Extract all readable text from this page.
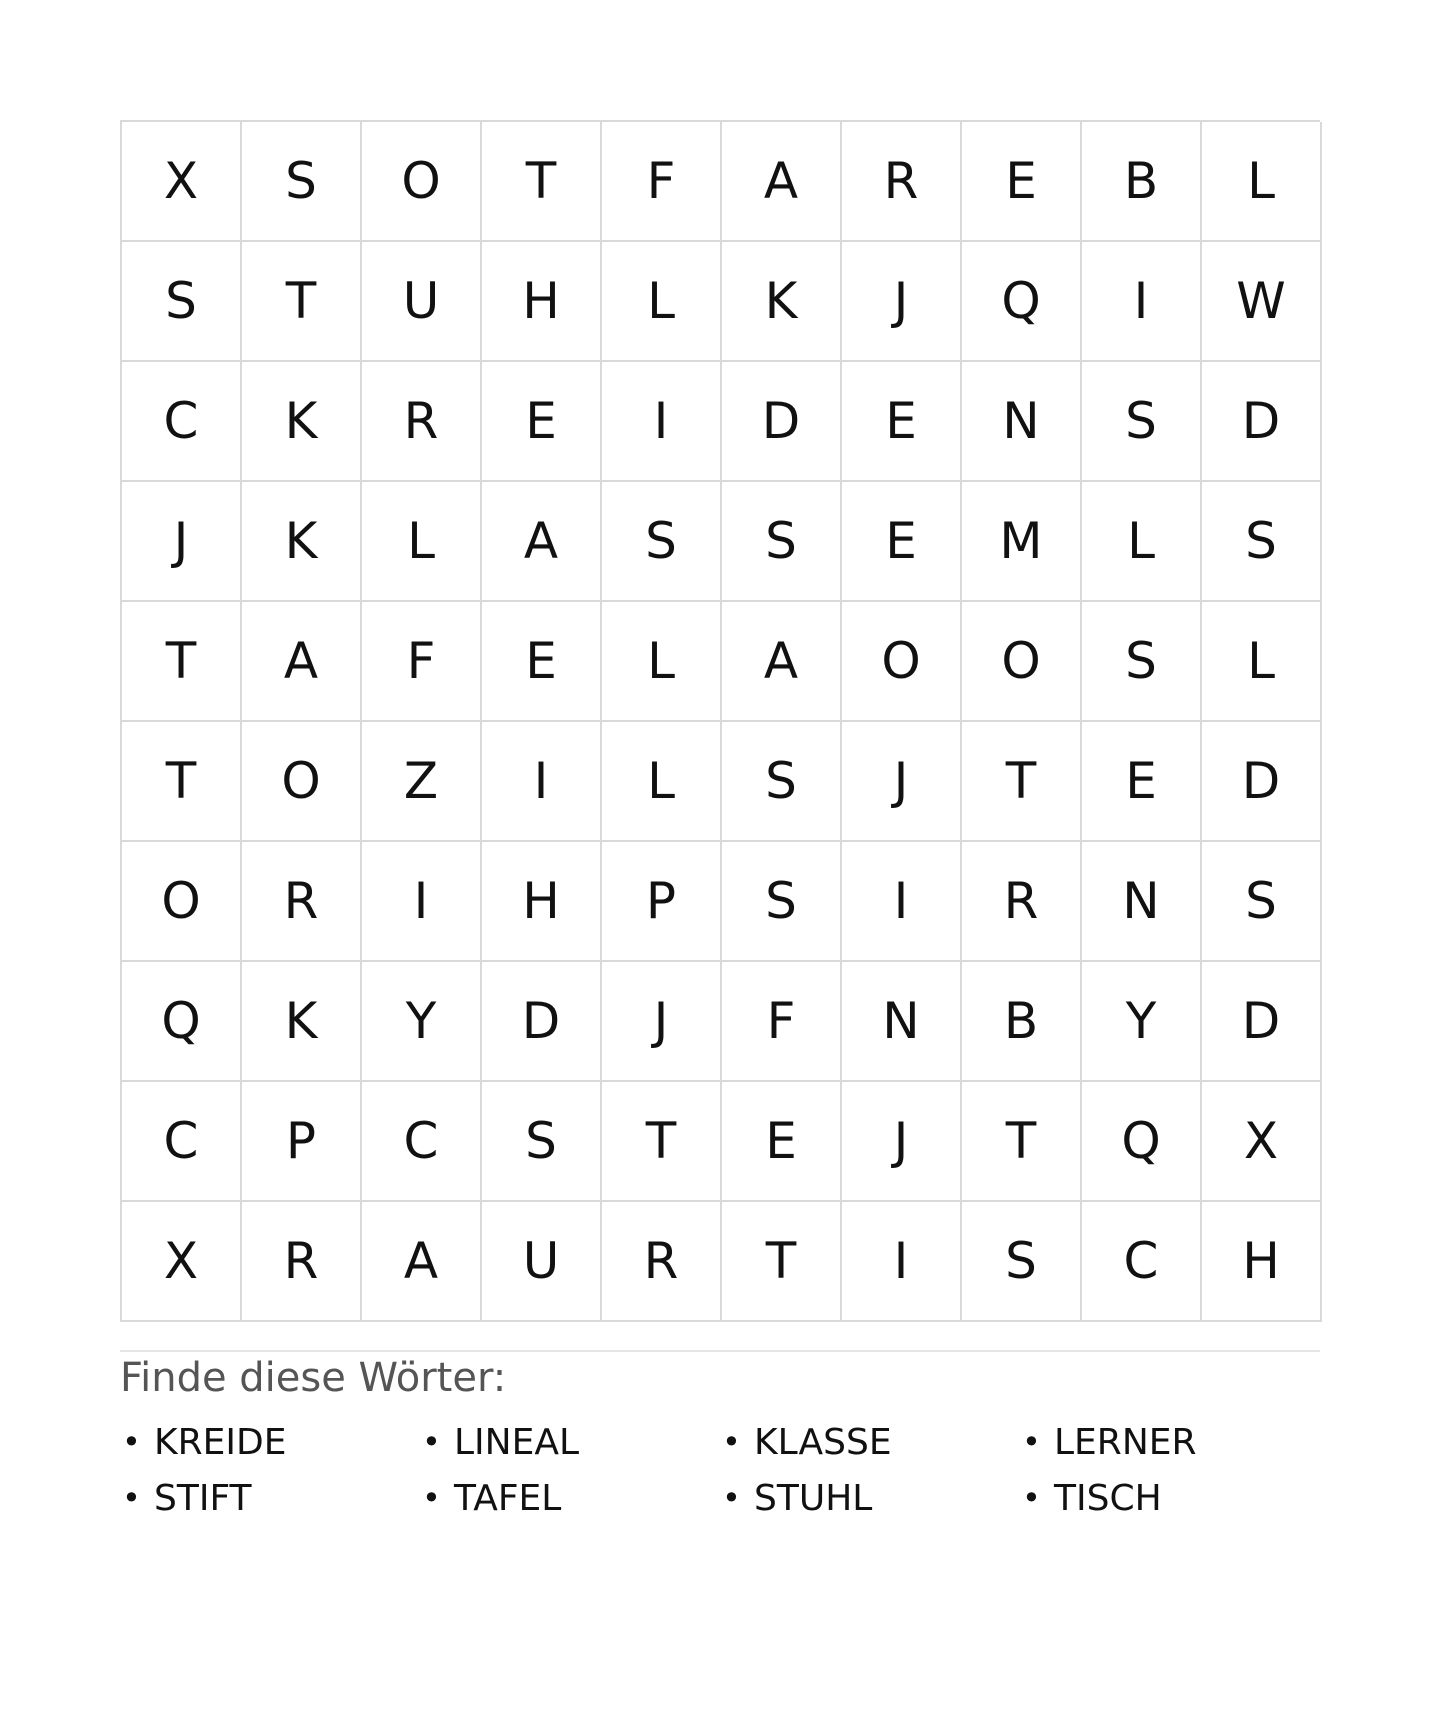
X	S	O	T	F	A	R	E	B	L
S	T	U	H	L	K	J	Q	I	W
C	K	R	E	I	D	E	N	S	D
J	K	L	A	S	S	E	M	L	S
T	A	F	E	L	A	O	O	S	L
T	O	Z	I	L	S	J	T	E	D
O	R	I	H	P	S	I	R	N	S
Q	K	Y	D	J	F	N	B	Y	D
C	P	C	S	T	E	J	T	Q	X
X	R	A	U	R	T	I	S	C	H
Finde diese Wörter:
• KREIDE	• LINEAL	• KLASSE	• LERNER
• STIFT	• TAFEL	• STUHL	• TISCH
